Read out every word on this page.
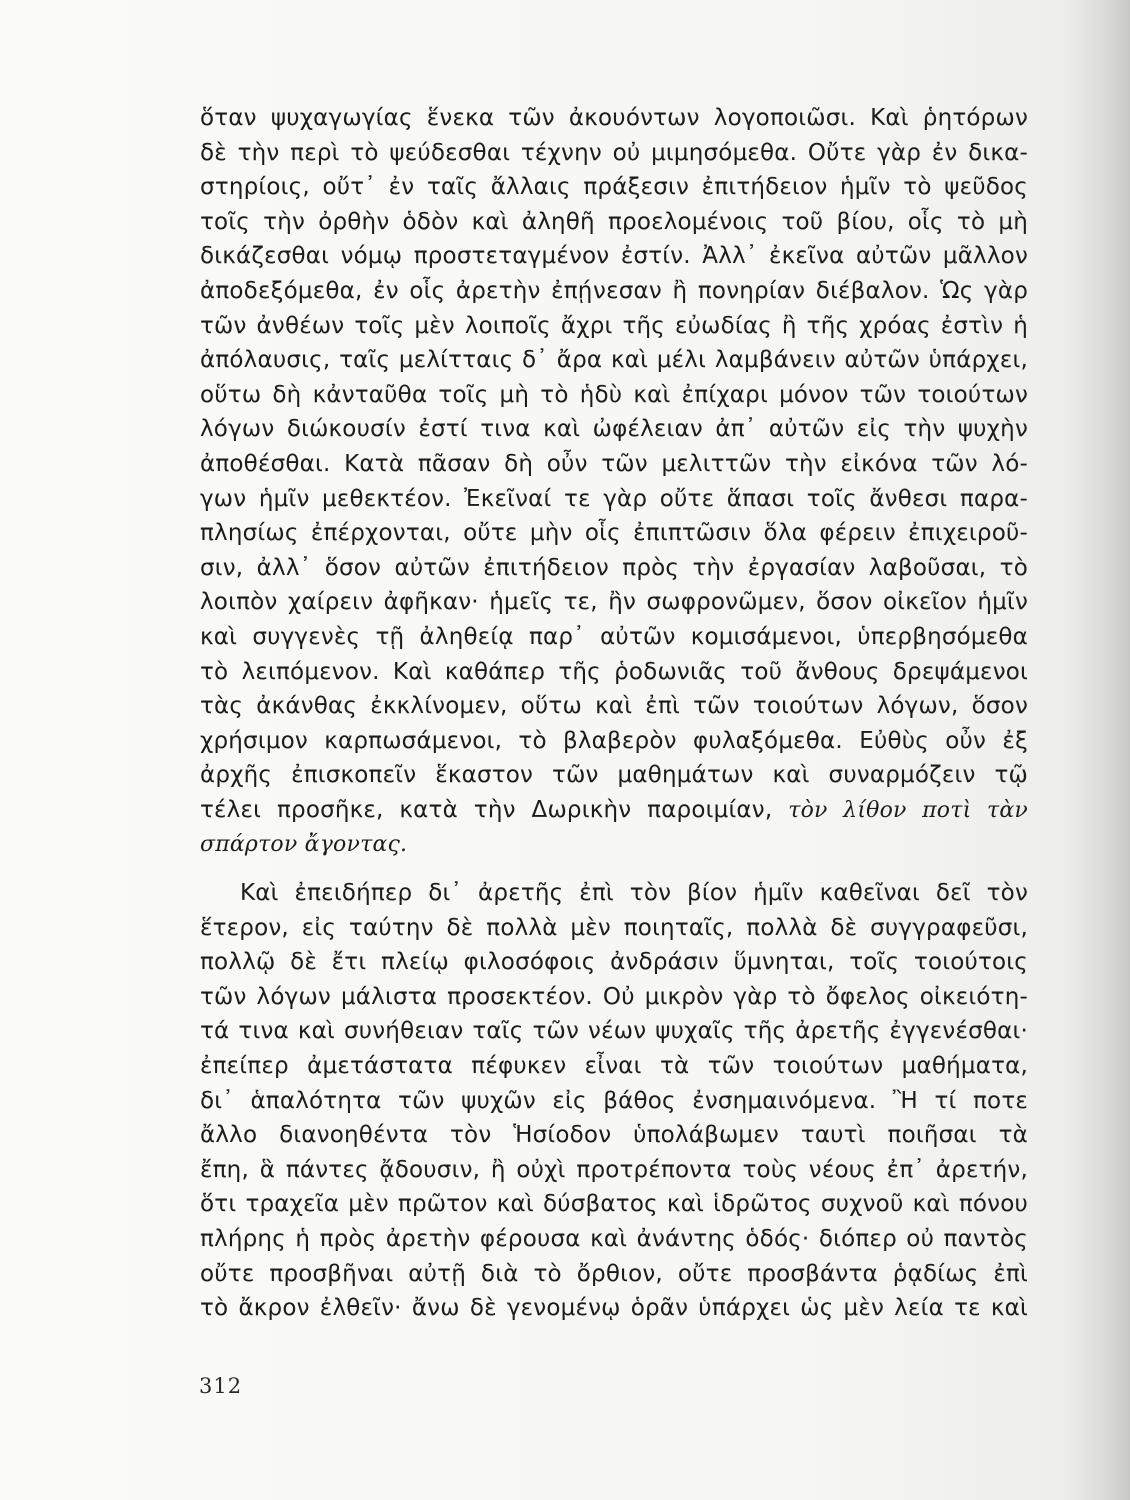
ὅταν ψυχαγωγίας ἕνεκα τῶν ἀκουόντων λογοποιῶσι. Καὶ ῥητόρων
δὲ τὴν περὶ τὸ ψεύδεσθαι τέχνην οὐ μιμησόμεθα. Οὔτε γὰρ ἐν δικα-
στηρίοις, οὔτ᾽ ἐν ταῖς ἄλλαις πράξεσιν ἐπιτήδειον ἡμῖν τὸ ψεῦδος
τοῖς τὴν ὀρθὴν ὁδὸν καὶ ἀληθῆ προελομένοις τοῦ βίου, οἷς τὸ μὴ
δικάζεσθαι νόμῳ προστεταγμένον ἐστίν. Ἀλλ᾽ ἐκεῖνα αὐτῶν μᾶλλον
ἀποδεξόμεθα, ἐν οἷς ἀρετὴν ἐπῄνεσαν ἢ πονηρίαν διέβαλον. Ὡς γὰρ
τῶν ἀνθέων τοῖς μὲν λοιποῖς ἄχρι τῆς εὐωδίας ἢ τῆς χρόας ἐστὶν ἡ
ἀπόλαυσις, ταῖς μελίτταις δ᾽ ἄρα καὶ μέλι λαμβάνειν αὐτῶν ὑπάρχει,
οὕτω δὴ κἀνταῦθα τοῖς μὴ τὸ ἡδὺ καὶ ἐπίχαρι μόνον τῶν τοιούτων
λόγων διώκουσίν ἐστί τινα καὶ ὠφέλειαν ἀπ᾽ αὐτῶν εἰς τὴν ψυχὴν
ἀποθέσθαι. Κατὰ πᾶσαν δὴ οὖν τῶν μελιττῶν τὴν εἰκόνα τῶν λό-
γων ἡμῖν μεθεκτέον. Ἐκεῖναί τε γὰρ οὔτε ἅπασι τοῖς ἄνθεσι παρα-
πλησίως ἐπέρχονται, οὔτε μὴν οἷς ἐπιπτῶσιν ὅλα φέρειν ἐπιχειροῦ-
σιν, ἀλλ᾽ ὅσον αὐτῶν ἐπιτήδειον πρὸς τὴν ἐργασίαν λαβοῦσαι, τὸ
λοιπὸν χαίρειν ἀφῆκαν· ἡμεῖς τε, ἢν σωφρονῶμεν, ὅσον οἰκεῖον ἡμῖν
καὶ συγγενὲς τῇ ἀληθείᾳ παρ᾽ αὐτῶν κομισάμενοι, ὑπερβησόμεθα
τὸ λειπόμενον. Καὶ καθάπερ τῆς ῥοδωνιᾶς τοῦ ἄνθους δρεψάμενοι
τὰς ἀκάνθας ἐκκλίνομεν, οὕτω καὶ ἐπὶ τῶν τοιούτων λόγων, ὅσον
χρήσιμον καρπωσάμενοι, τὸ βλαβερὸν φυλαξόμεθα. Εὐθὺς οὖν ἐξ
ἀρχῆς ἐπισκοπεῖν ἕκαστον τῶν μαθημάτων καὶ συναρμόζειν τῷ
τέλει προσῆκε, κατὰ τὴν Δωρικὴν παροιμίαν, τὸν λίθον ποτὶ τὰν
σπάρτον ἄγοντας.
Καὶ ἐπειδήπερ δι᾽ ἀρετῆς ἐπὶ τὸν βίον ἡμῖν καθεῖναι δεῖ τὸν
ἕτερον, εἰς ταύτην δὲ πολλὰ μὲν ποιηταῖς, πολλὰ δὲ συγγραφεῦσι,
πολλῷ δὲ ἔτι πλείῳ φιλοσόφοις ἀνδράσιν ὕμνηται, τοῖς τοιούτοις
τῶν λόγων μάλιστα προσεκτέον. Οὐ μικρὸν γὰρ τὸ ὄφελος οἰκειότη-
τά τινα καὶ συνήθειαν ταῖς τῶν νέων ψυχαῖς τῆς ἀρετῆς ἐγγενέσθαι·
ἐπείπερ ἀμετάστατα πέφυκεν εἶναι τὰ τῶν τοιούτων μαθήματα,
δι᾽ ἁπαλότητα τῶν ψυχῶν εἰς βάθος ἐνσημαινόμενα. Ἢ τί ποτε
ἄλλο διανοηθέντα τὸν Ἡσίοδον ὑπολάβωμεν ταυτὶ ποιῆσαι τὰ
ἔπη, ἃ πάντες ᾄδουσιν, ἢ οὐχὶ προτρέποντα τοὺς νέους ἐπ᾽ ἀρετήν,
ὅτι τραχεῖα μὲν πρῶτον καὶ δύσβατος καὶ ἱδρῶτος συχνοῦ καὶ πόνου
πλήρης ἡ πρὸς ἀρετὴν φέρουσα καὶ ἀνάντης ὁδός· διόπερ οὐ παντὸς
οὔτε προσβῆναι αὐτῇ διὰ τὸ ὄρθιον, οὔτε προσβάντα ῥᾳδίως ἐπὶ
τὸ ἄκρον ἐλθεῖν· ἄνω δὲ γενομένῳ ὁρᾶν ὑπάρχει ὡς μὲν λεία τε καὶ
312
